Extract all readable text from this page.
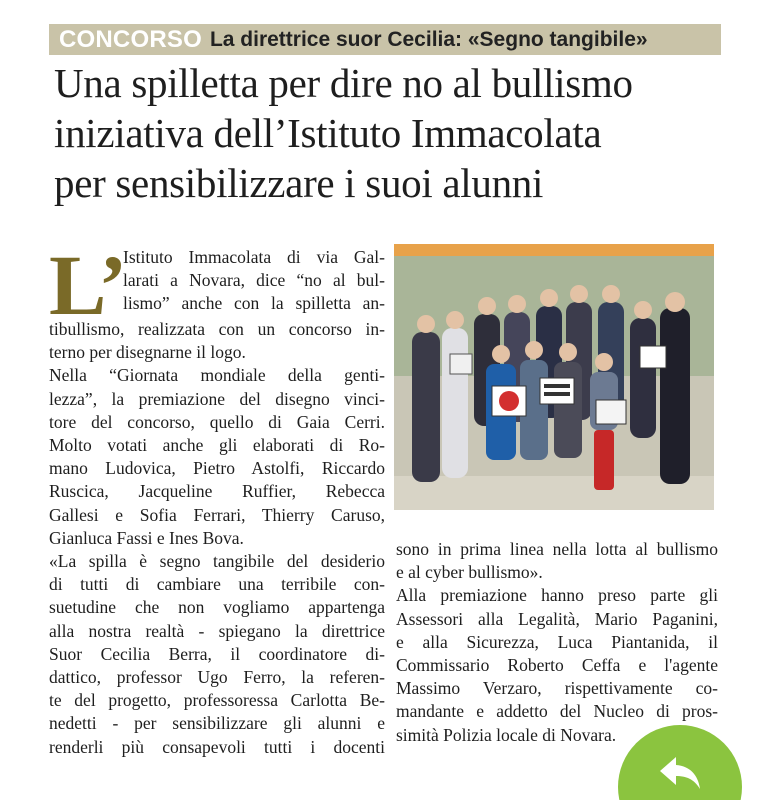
CONCORSO La direttrice suor Cecilia: «Segno tangibile»
Una spilletta per dire no al bullismo
iniziativa dell’Istituto Immacolata
per sensibilizzare i suoi alunni
L’
Istituto Immacolata di via Gal-
larati a Novara, dice “no al bul-
lismo” anche con la spilletta an-
tibullismo, realizzata con un concorso in-
terno per disegnarne il logo.
Nella “Giornata mondiale della genti-
lezza”, la premiazione del disegno vinci-
tore del concorso, quello di Gaia Cerri.
Molto votati anche gli elaborati di Ro-
mano Ludovica, Pietro Astolfi, Riccardo
Ruscica, Jacqueline Ruffier, Rebecca
Gallesi e Sofia Ferrari, Thierry Caruso,
Gianluca Fassi e Ines Bova.
«La spilla è segno tangibile del desiderio
di tutti di cambiare una terribile con-
suetudine che non vogliamo appartenga
alla nostra realtà - spiegano la direttrice
Suor Cecilia Berra, il coordinatore di-
dattico, professor Ugo Ferro, la referen-
te del progetto, professoressa Carlotta Be-
nedetti - per sensibilizzare gli alunni e
renderli più consapevoli tutti i docenti
sono in prima linea nella lotta al bullismo
e al cyber bullismo».
Alla premiazione hanno preso parte gli
Assessori alla Legalità, Mario Paganini,
e alla Sicurezza, Luca Piantanida, il
Commissario Roberto Ceffa e l'agente
Massimo Verzaro, rispettivamente co-
mandante e addetto del Nucleo di pros-
simità Polizia locale di Novara.
